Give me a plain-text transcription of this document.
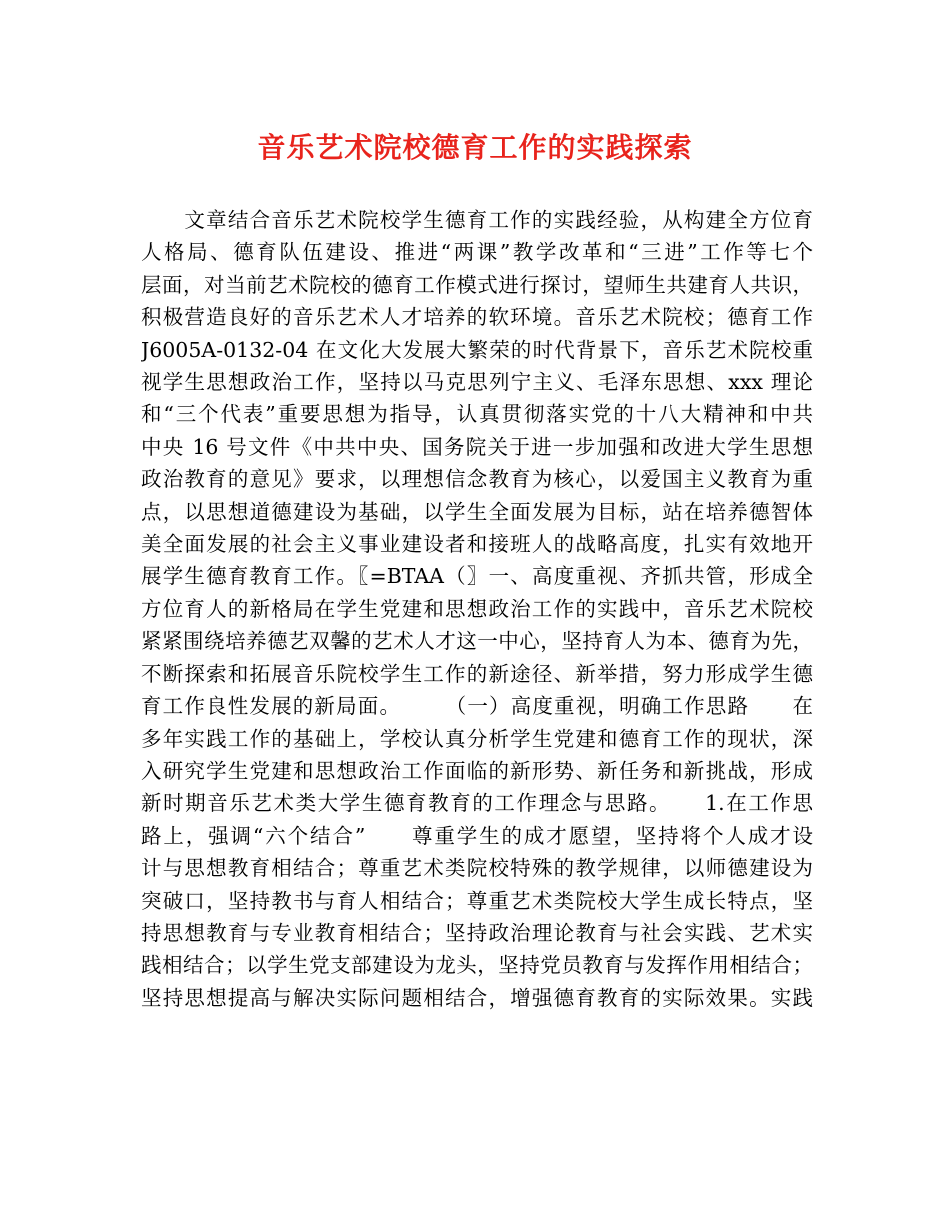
音乐艺术院校德育工作的实践探索
　　文章结合音乐艺术院校学生德育工作的实践经验，从构建全方位育
人格局、德育队伍建设、推进“两课”教学改革和“三进”工作等七个
层面，对当前艺术院校的德育工作模式进行探讨，望师生共建育人共识，
积极营造良好的音乐艺术人才培养的软环境。音乐艺术院校；德育工作
J6005A-0132-04 在文化大发展大繁荣的时代背景下，音乐艺术院校重
视学生思想政治工作，坚持以马克思列宁主义、毛泽东思想、xxx 理论
和“三个代表”重要思想为指导，认真贯彻落实党的十八大精神和中共
中央 16 号文件《中共中央、国务院关于进一步加强和改进大学生思想
政治教育的意见》要求，以理想信念教育为核心，以爱国主义教育为重
点，以思想道德建设为基础，以学生全面发展为目标，站在培养德智体
美全面发展的社会主义事业建设者和接班人的战略高度，扎实有效地开
展学生德育教育工作。〖=BTAA（〗一、高度重视、齐抓共管，形成全
方位育人的新格局在学生党建和思想政治工作的实践中，音乐艺术院校
紧紧围绕培养德艺双馨的艺术人才这一中心，坚持育人为本、德育为先，
不断探索和拓展音乐院校学生工作的新途径、新举措，努力形成学生德
育工作良性发展的新局面。　　　（一）高度重视，明确工作思路　　在
多年实践工作的基础上，学校认真分析学生党建和德育工作的现状，深
入研究学生党建和思想政治工作面临的新形势、新任务和新挑战，形成
新时期音乐艺术类大学生德育教育的工作理念与思路。　　1.在工作思
路上，强调“六个结合”　　尊重学生的成才愿望，坚持将个人成才设
计与思想教育相结合；尊重艺术类院校特殊的教学规律，以师德建设为
突破口，坚持教书与育人相结合；尊重艺术类院校大学生成长特点，坚
持思想教育与专业教育相结合；坚持政治理论教育与社会实践、艺术实
践相结合；以学生党支部建设为龙头，坚持党员教育与发挥作用相结合；
坚持思想提高与解决实际问题相结合，增强德育教育的实际效果。实践
